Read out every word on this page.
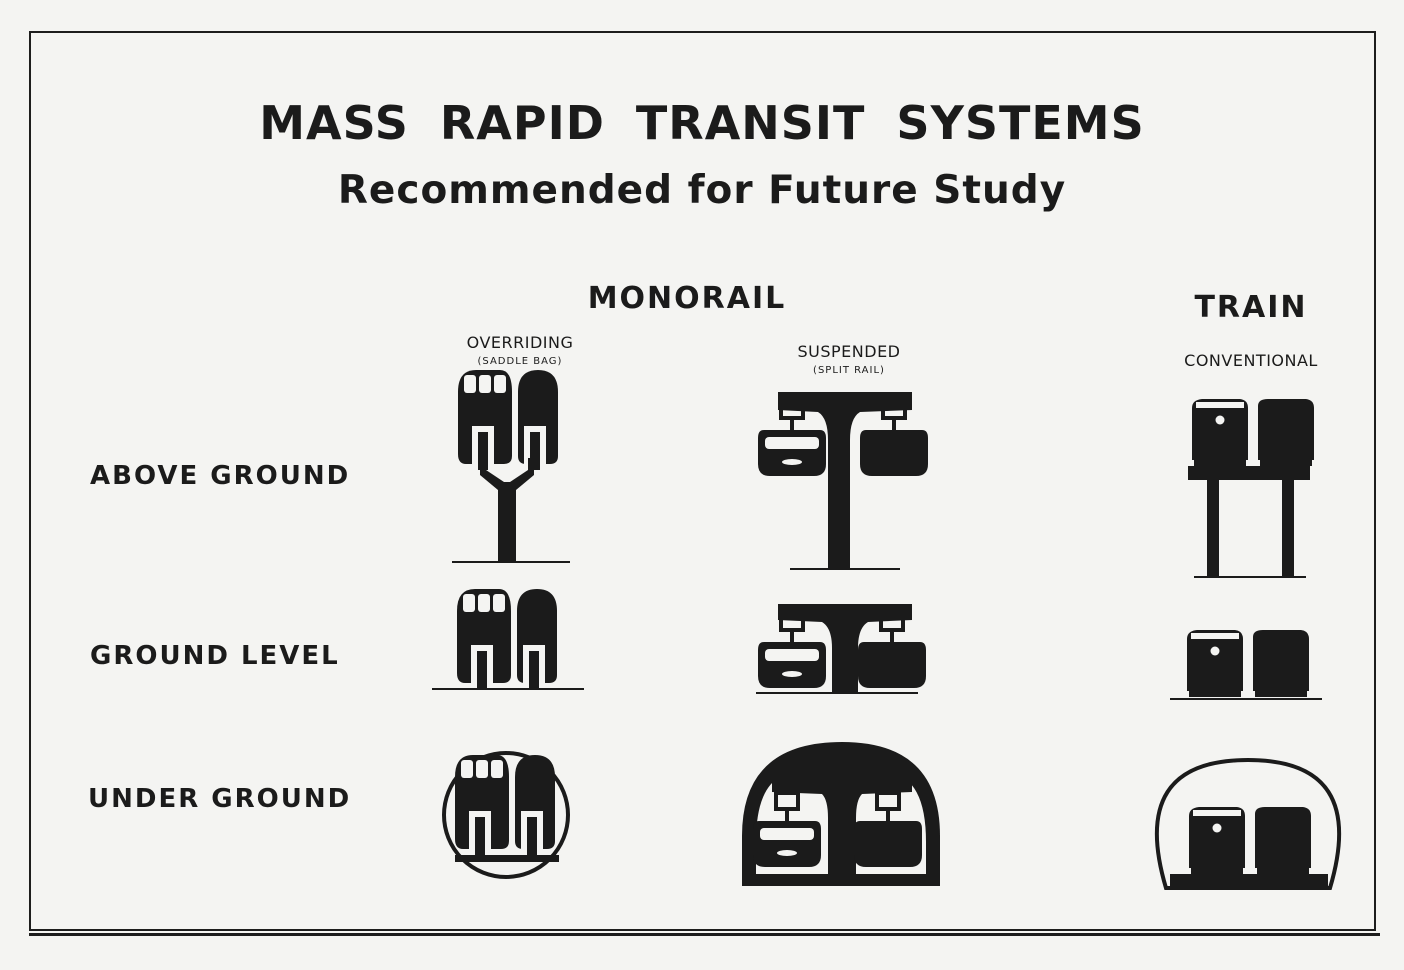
MASS RAPID TRANSIT SYSTEMS
Recommended for Future Study
MONORAIL	TRAIN
OVERRIDING
(SADDLE BAG)
SUSPENDED
(SPLIT RAIL)
CONVENTIONAL
ABOVE GROUND
GROUND LEVEL
UNDER GROUND
